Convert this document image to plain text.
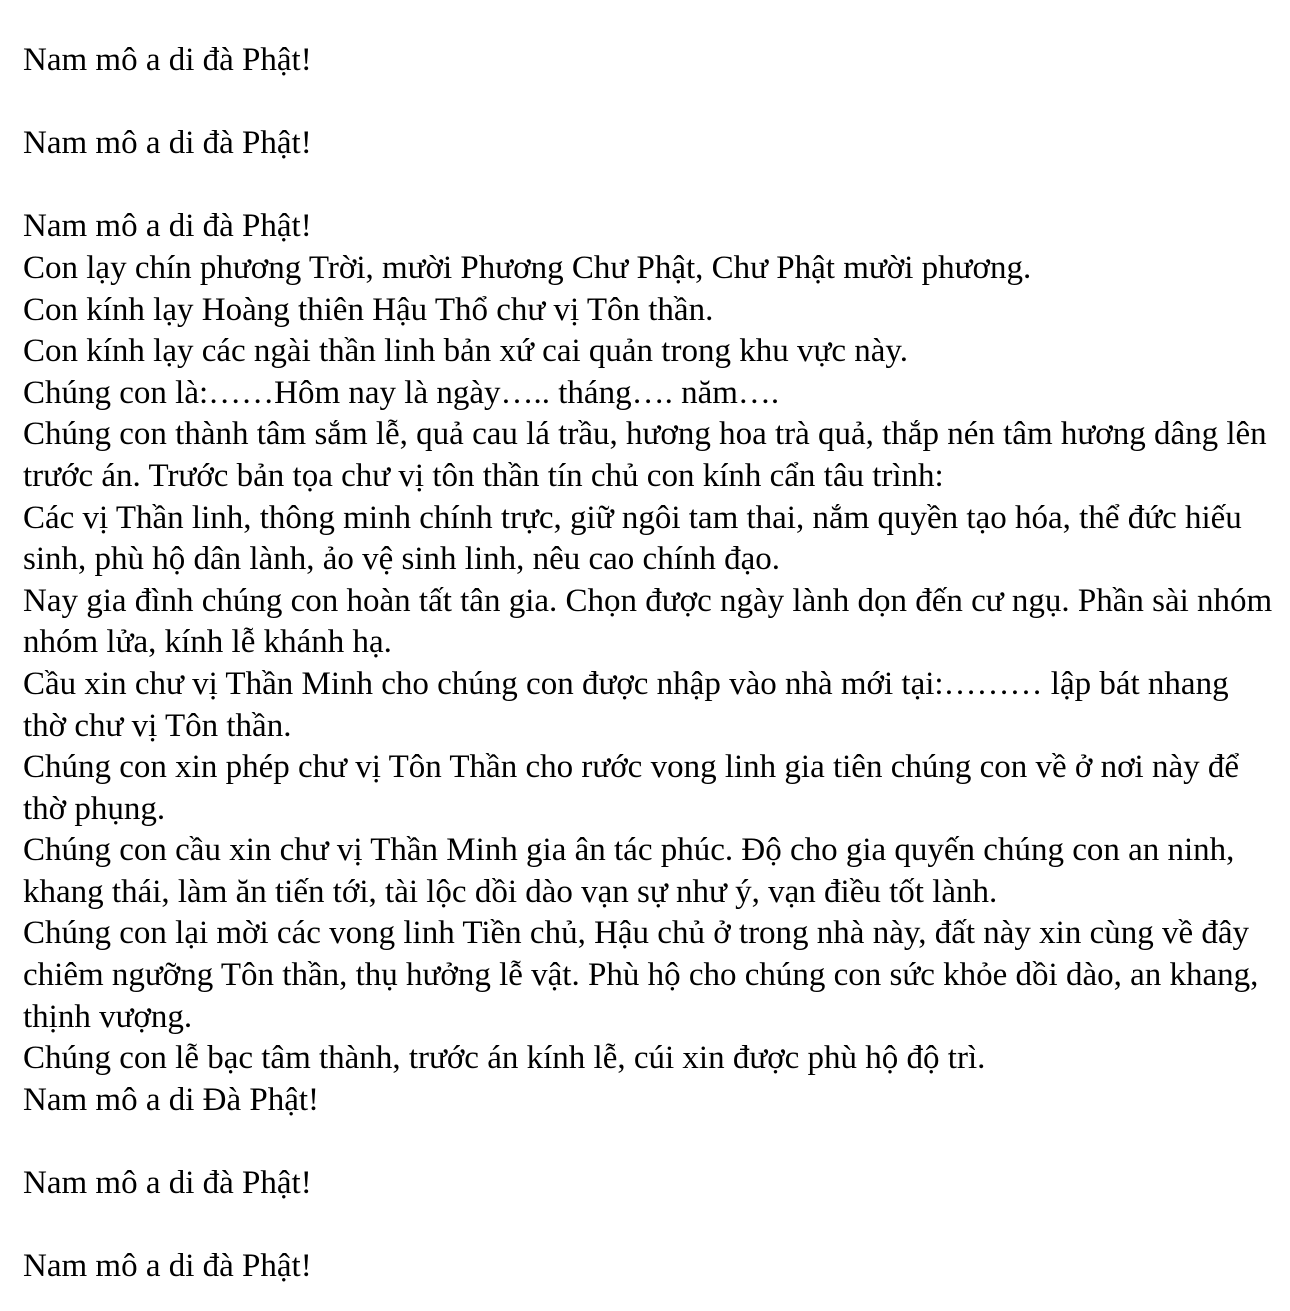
Nam mô a di đà Phật!

Nam mô a di đà Phật!

Nam mô a di đà Phật!

Con lạy chín phương Trời, mười Phương Chư Phật, Chư Phật mười phương.

Con kính lạy Hoàng thiên Hậu Thổ chư vị Tôn thần.

Con kính lạy các ngài thần linh bản xứ cai quản trong khu vực này.

Chúng con là:……Hôm nay là ngày….. tháng…. năm….

Chúng con thành tâm sắm lễ, quả cau lá trầu, hương hoa trà quả, thắp nén tâm hương dâng lên trước án. Trước bản tọa chư vị tôn thần tín chủ con kính cẩn tâu trình:

Các vị Thần linh, thông minh chính trực, giữ ngôi tam thai, nắm quyền tạo hóa, thể đức hiếu sinh, phù hộ dân lành, ảo vệ sinh linh, nêu cao chính đạo.

Nay gia đình chúng con hoàn tất tân gia. Chọn được ngày lành dọn đến cư ngụ. Phần sài nhóm nhóm lửa, kính lễ khánh hạ.

Cầu xin chư vị Thần Minh cho chúng con được nhập vào nhà mới tại:……… lập bát nhang thờ chư vị Tôn thần.

Chúng con xin phép chư vị Tôn Thần cho rước vong linh gia tiên chúng con về ở nơi này để thờ phụng.

Chúng con cầu xin chư vị Thần Minh gia ân tác phúc. Độ cho gia quyến chúng con an ninh, khang thái, làm ăn tiến tới, tài lộc dồi dào vạn sự như ý, vạn điều tốt lành.

Chúng con lại mời các vong linh Tiền chủ, Hậu chủ ở trong nhà này, đất này xin cùng về đây chiêm ngưỡng Tôn thần, thụ hưởng lễ vật. Phù hộ cho chúng con sức khỏe dồi dào, an khang, thịnh vượng.

Chúng con lễ bạc tâm thành, trước án kính lễ, cúi xin được phù hộ độ trì.

Nam mô a di Đà Phật!

Nam mô a di đà Phật!

Nam mô a di đà Phật!
